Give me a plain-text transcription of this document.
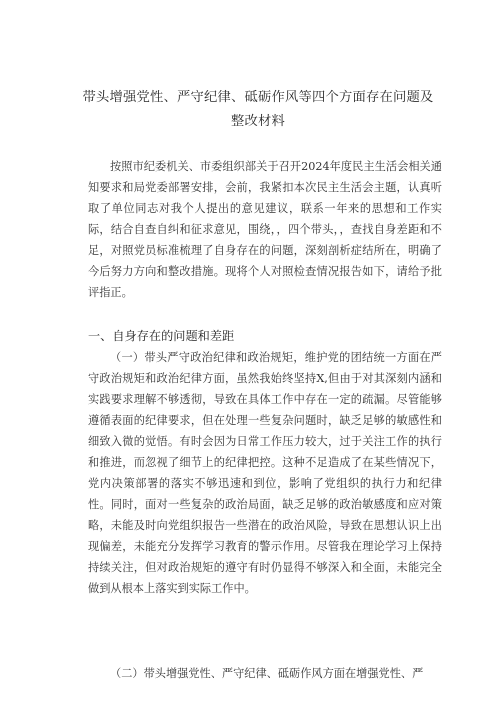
带头增强党性、严守纪律、砥砺作风等四个方面存在问题及整改材料

按照市纪委机关、市委组织部关于召开2024年度民主生活会相关通知要求和局党委部署安排，会前，我紧扣本次民主生活会主题，认真听取了单位同志对我个人提出的意见建议，联系一年来的思想和工作实际，结合自查自纠和征求意见，围绕，，四个带头，，查找自身差距和不足，对照党员标准梳理了自身存在的问题，深刻剖析症结所在，明确了今后努力方向和整改措施。现将个人对照检查情况报告如下，请给予批评指正。

一、自身存在的问题和差距

（一）带头严守政治纪律和政治规矩，维护党的团结统一方面在严守政治规矩和政治纪律方面，虽然我始终坚持X,但由于对其深刻内涵和实践要求理解不够透彻，导致在具体工作中存在一定的疏漏。尽管能够遵循表面的纪律要求，但在处理一些复杂问题时，缺乏足够的敏感性和细致入微的觉悟。有时会因为日常工作压力较大，过于关注工作的执行和推进，而忽视了细节上的纪律把控。这种不足造成了在某些情况下，党内决策部署的落实不够迅速和到位，影响了党组织的执行力和纪律性。同时，面对一些复杂的政治局面，缺乏足够的政治敏感度和应对策略，未能及时向党组织报告一些潜在的政治风险，导致在思想认识上出现偏差，未能充分发挥学习教育的警示作用。尽管我在理论学习上保持持续关注，但对政治规矩的遵守有时仍显得不够深入和全面，未能完全做到从根本上落实到实际工作中。

（二）带头增强党性、严守纪律、砥砺作风方面在增强党性、严
